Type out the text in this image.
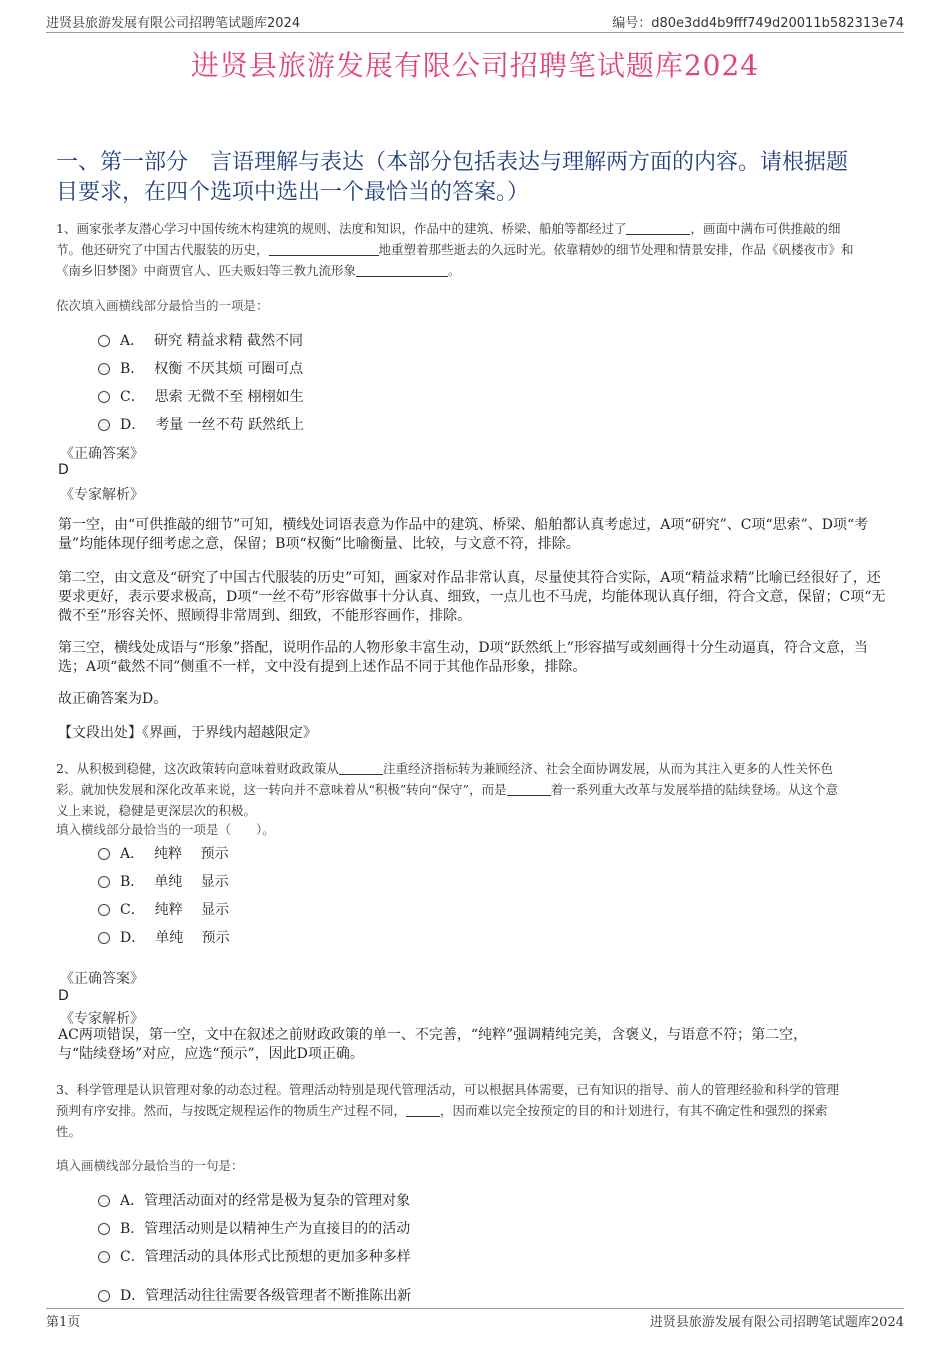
进贤县旅游发展有限公司招聘笔试题库2024	编号：d80e3dd4b9fff749d20011b582313e74
进贤县旅游发展有限公司招聘笔试题库2024
一、第一部分　言语理解与表达（本部分包括表达与理解两方面的内容。请根据题
目要求，在四个选项中选出一个最恰当的答案。）
1、画家张孝友潜心学习中国传统木构建筑的规则、法度和知识，作品中的建筑、桥梁、船舶等都经过了	，画面中满布可供推敲的细
节。他还研究了中国古代服装的历史，	地重塑着那些逝去的久远时光。依靠精妙的细节处理和情景安排，作品《矾楼夜市》和
《南乡旧梦图》中商贾官人、匹夫贩妇等三教九流形象	。
依次填入画横线部分最恰当的一项是：
A． 研究 精益求精 截然不同
B． 权衡 不厌其烦 可圈可点
C． 思索 无微不至 栩栩如生
D． 考量 一丝不苟 跃然纸上
《正确答案》
D
《专家解析》
第一空，由“可供推敲的细节”可知，横线处词语表意为作品中的建筑、桥梁、船舶都认真考虑过，A项“研究”、C项“思索”、D项“考量”均能体现仔细考虑之意，保留；B项“权衡”比喻衡量、比较，与文意不符，排除。
第二空，由文意及“研究了中国古代服装的历史”可知，画家对作品非常认真，尽量使其符合实际，A项“精益求精”比喻已经很好了，还要求更好，表示要求极高，D项“一丝不苟”形容做事十分认真、细致，一点儿也不马虎，均能体现认真仔细，符合文意，保留；C项“无微不至”形容关怀、照顾得非常周到、细致，不能形容画作，排除。
第三空，横线处成语与“形象”搭配，说明作品的人物形象丰富生动，D项“跃然纸上”形容描写或刻画得十分生动逼真，符合文意，当选；A项“截然不同”侧重不一样，文中没有提到上述作品不同于其他作品形象，排除。
故正确答案为D。
【文段出处】《界画，于界线内超越限定》
2、从积极到稳健，这次政策转向意味着财政政策从	注重经济指标转为兼顾经济、社会全面协调发展，从而为其注入更多的人性关怀色
彩。就加快发展和深化改革来说，这一转向并不意味着从“积极”转向“保守”，而是	着一系列重大改革与发展举措的陆续登场。从这个意
义上来说，稳健是更深层次的积极。
填入横线部分最恰当的一项是（　　）。
A． 纯粹　 预示
B． 单纯　 显示
C． 纯粹　 显示
D． 单纯　 预示
《正确答案》
D
《专家解析》
AC两项错误，第一空，文中在叙述之前财政政策的单一、不完善，“纯粹”强调精纯完美，含褒义，与语意不符；第二空，
与“陆续登场”对应，应选“预示”，因此D项正确。
3、科学管理是认识管理对象的动态过程。管理活动特别是现代管理活动，可以根据具体需要，已有知识的指导、前人的管理经验和科学的管理
预判有序安排。然而，与按既定规程运作的物质生产过程不同，	，因而难以完全按预定的目的和计划进行，有其不确定性和强烈的探索
性。
填入画横线部分最恰当的一句是：
A．管理活动面对的经常是极为复杂的管理对象
B．管理活动则是以精神生产为直接目的的活动
C．管理活动的具体形式比预想的更加多种多样
D．管理活动往往需要各级管理者不断推陈出新
第1页	进贤县旅游发展有限公司招聘笔试题库2024
